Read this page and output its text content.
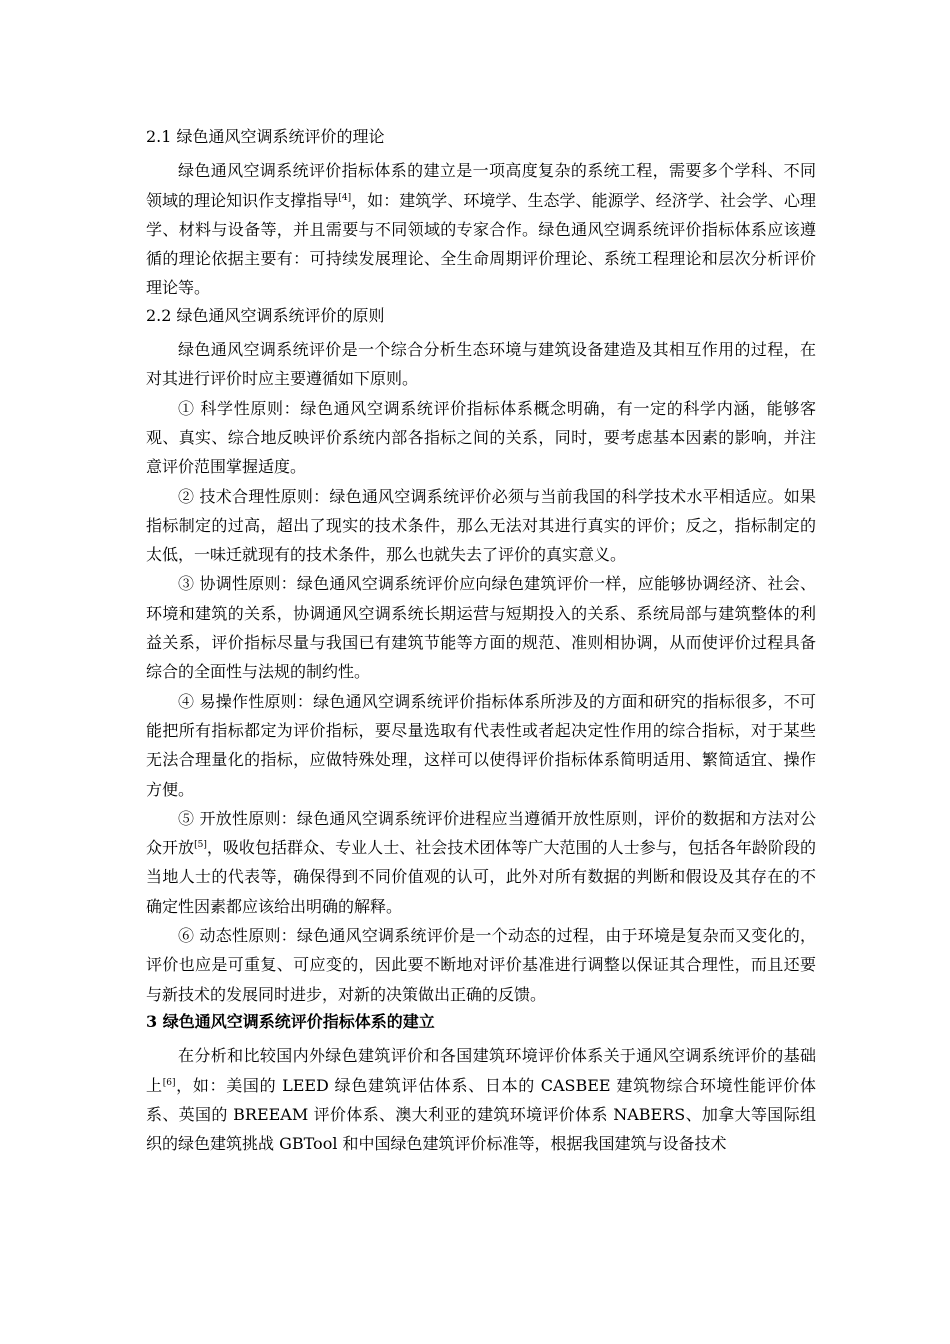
2.1 绿色通风空调系统评价的理论

绿色通风空调系统评价指标体系的建立是一项高度复杂的系统工程，需要多个学科、不同领域的理论知识作支撑指导[4]，如：建筑学、环境学、生态学、能源学、经济学、社会学、心理学、材料与设备等，并且需要与不同领域的专家合作。绿色通风空调系统评价指标体系应该遵循的理论依据主要有：可持续发展理论、全生命周期评价理论、系统工程理论和层次分析评价理论等。

2.2 绿色通风空调系统评价的原则

绿色通风空调系统评价是一个综合分析生态环境与建筑设备建造及其相互作用的过程，在对其进行评价时应主要遵循如下原则。

① 科学性原则：绿色通风空调系统评价指标体系概念明确，有一定的科学内涵，能够客观、真实、综合地反映评价系统内部各指标之间的关系，同时，要考虑基本因素的影响，并注意评价范围掌握适度。

② 技术合理性原则：绿色通风空调系统评价必须与当前我国的科学技术水平相适应。如果指标制定的过高，超出了现实的技术条件，那么无法对其进行真实的评价；反之，指标制定的太低，一味迁就现有的技术条件，那么也就失去了评价的真实意义。

③ 协调性原则：绿色通风空调系统评价应向绿色建筑评价一样，应能够协调经济、社会、环境和建筑的关系，协调通风空调系统长期运营与短期投入的关系、系统局部与建筑整体的利益关系，评价指标尽量与我国已有建筑节能等方面的规范、准则相协调，从而使评价过程具备综合的全面性与法规的制约性。

④ 易操作性原则：绿色通风空调系统评价指标体系所涉及的方面和研究的指标很多，不可能把所有指标都定为评价指标，要尽量选取有代表性或者起决定性作用的综合指标，对于某些无法合理量化的指标，应做特殊处理，这样可以使得评价指标体系简明适用、繁简适宜、操作方便。

⑤ 开放性原则：绿色通风空调系统评价进程应当遵循开放性原则，评价的数据和方法对公众开放[5]，吸收包括群众、专业人士、社会技术团体等广大范围的人士参与，包括各年龄阶段的当地人士的代表等，确保得到不同价值观的认可，此外对所有数据的判断和假设及其存在的不确定性因素都应该给出明确的解释。

⑥ 动态性原则：绿色通风空调系统评价是一个动态的过程，由于环境是复杂而又变化的，评价也应是可重复、可应变的，因此要不断地对评价基准进行调整以保证其合理性，而且还要与新技术的发展同时进步，对新的决策做出正确的反馈。

3 绿色通风空调系统评价指标体系的建立

在分析和比较国内外绿色建筑评价和各国建筑环境评价体系关于通风空调系统评价的基础上[6]，如：美国的 LEED 绿色建筑评估体系、日本的 CASBEE 建筑物综合环境性能评价体系、英国的 BREEAM 评价体系、澳大利亚的建筑环境评价体系 NABERS、加拿大等国际组织的绿色建筑挑战 GBTool 和中国绿色建筑评价标准等，根据我国建筑与设备技术
